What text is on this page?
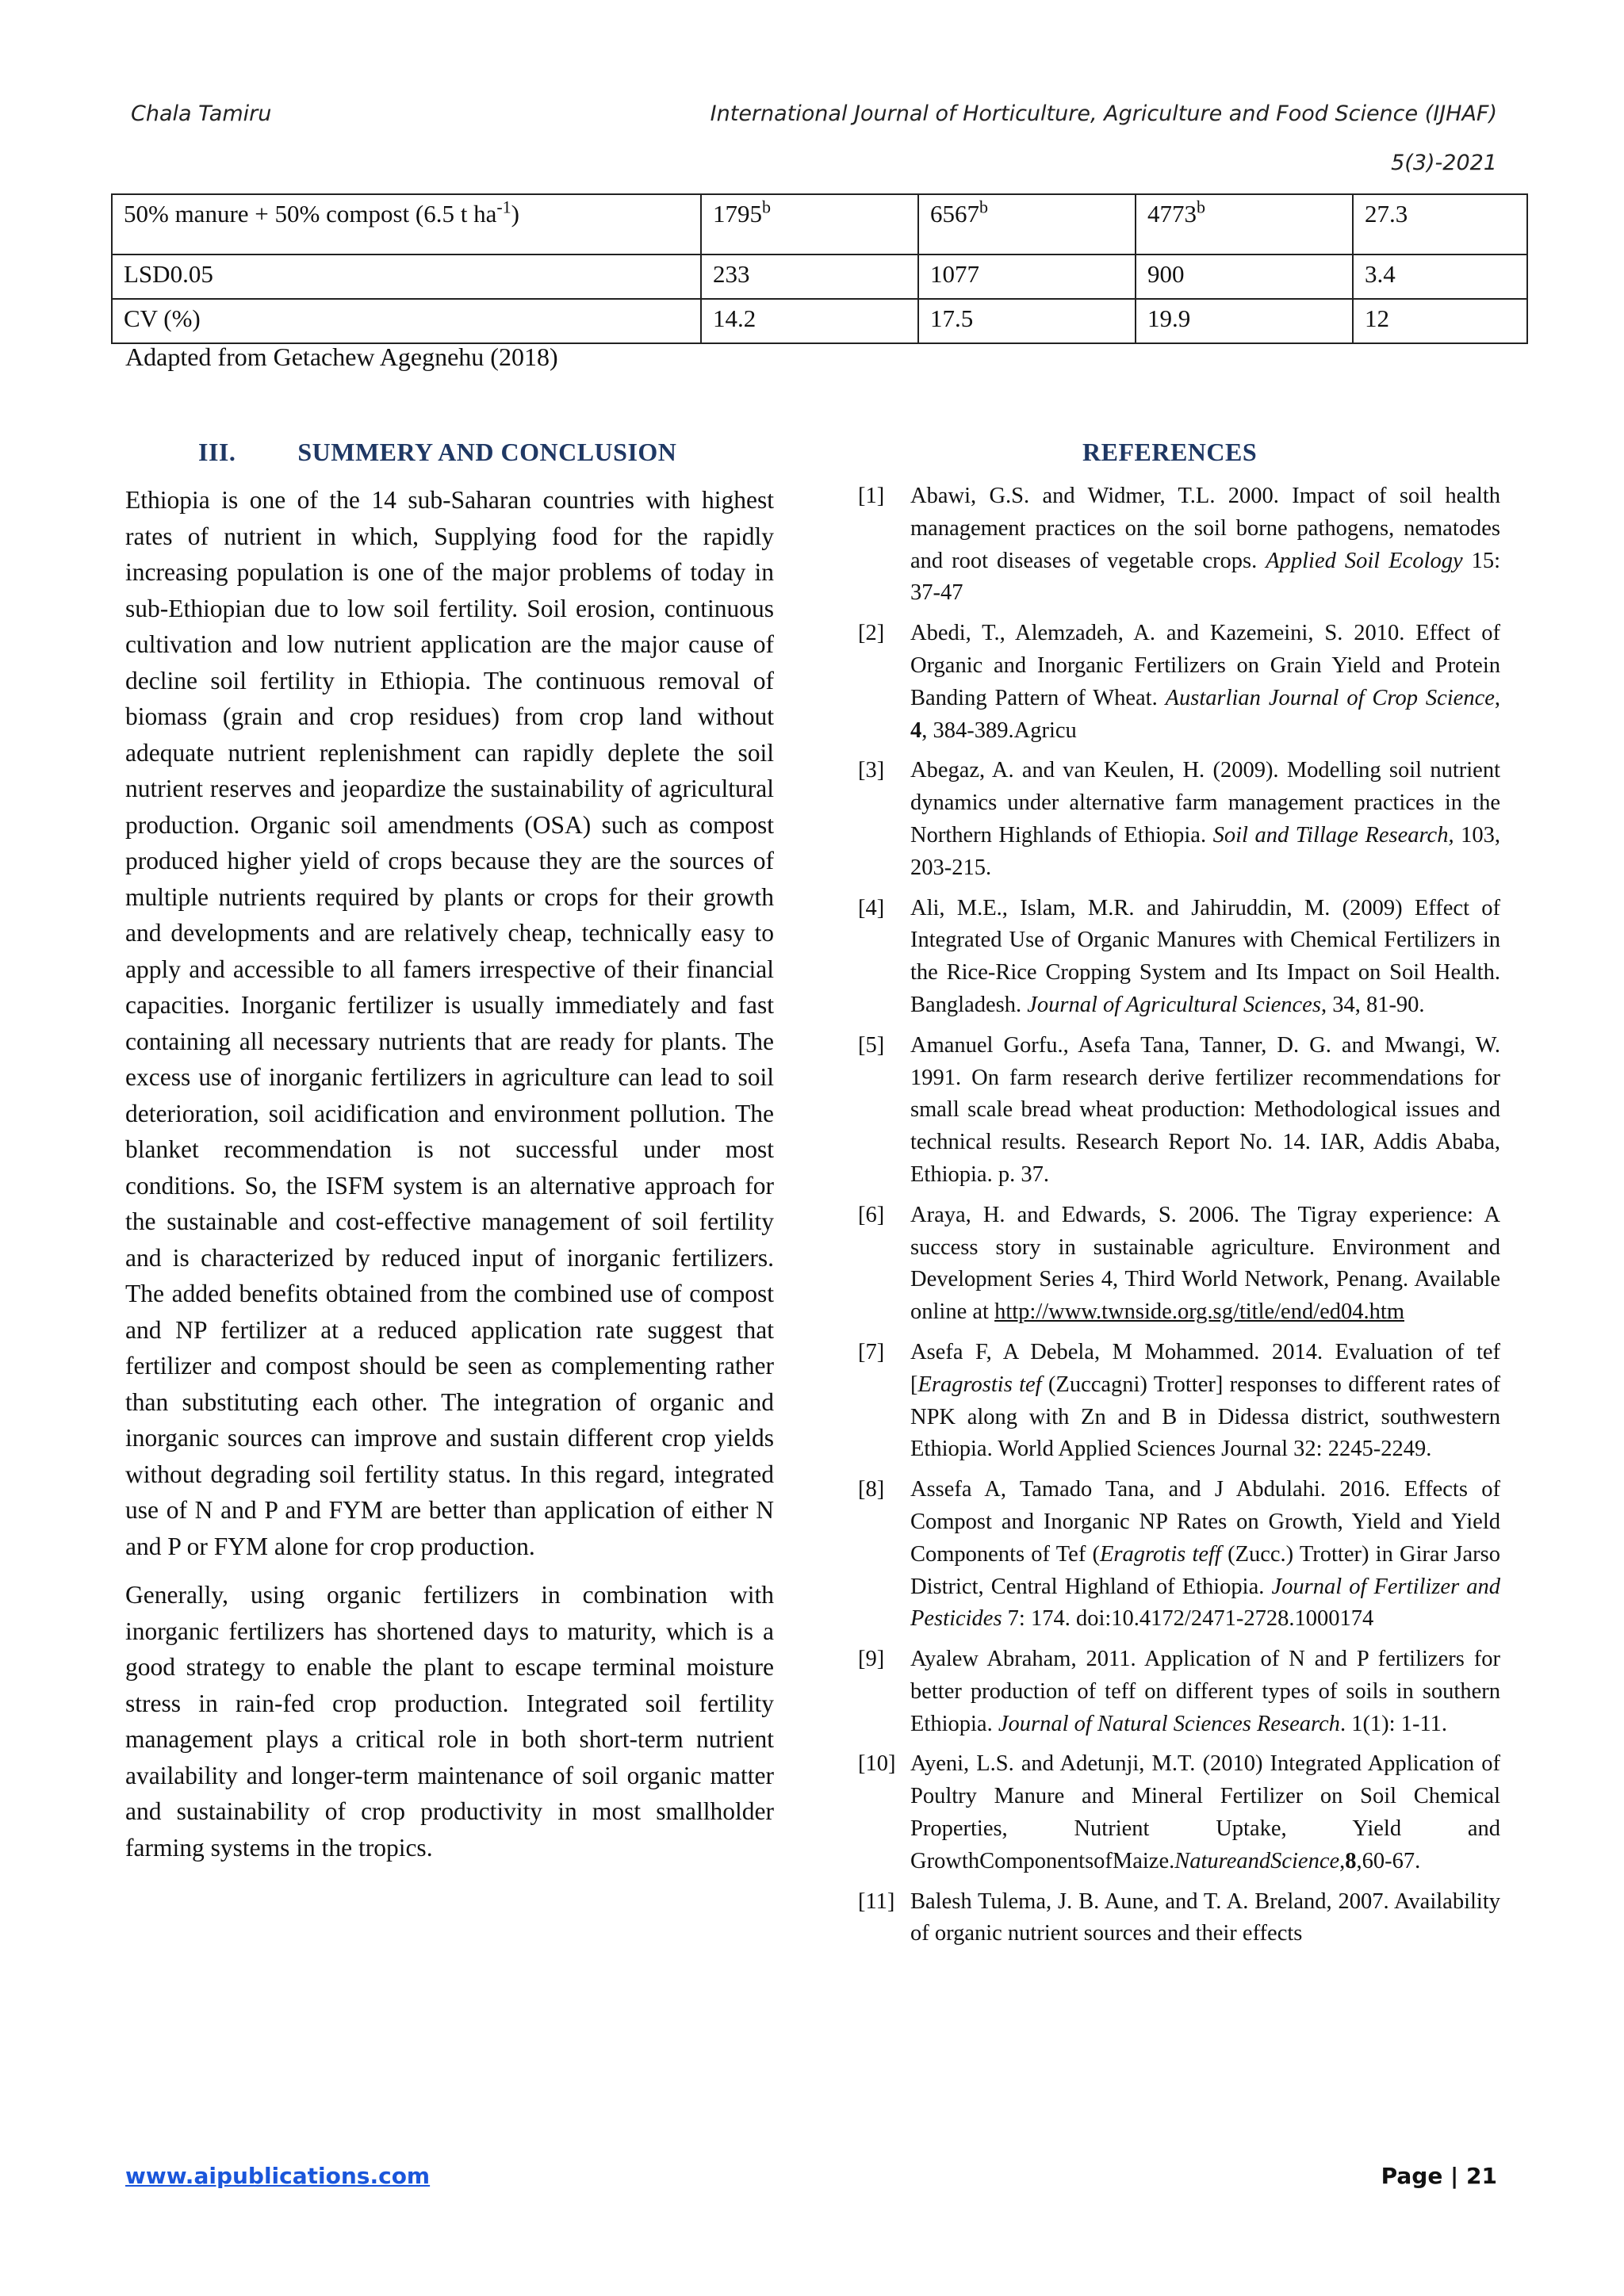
Chala Tamiru	International Journal of Horticulture, Agriculture and Food Science (IJHAF)
5(3)-2021
50% manure + 50% compost (6.5 t $ha^{-1}$)	1795$^b$	6567$^b$	4773$^b$	27.3
LSD0.05	233	1077	900	3.4
CV (%)	14.2	17.5	19.9	12
Adapted from Getachew Agegnehu (2018)
III. SUMMERY AND CONCLUSION	REFERENCES

Ethiopia is one of the 14 sub-Saharan countries with highest rates of nutrient in which, Supplying food for the rapidly increasing population is one of the major problems of today in sub-Ethiopian due to low soil fertility. Soil erosion, continuous cultivation and low nutrient application are the major cause of decline soil fertility in Ethiopia. The continuous removal of biomass (grain and crop residues) from crop land without adequate nutrient replenishment can rapidly deplete the soil nutrient reserves and jeopardize the sustainability of agricultural production. Organic soil amendments (OSA) such as compost produced higher yield of crops because they are the sources of multiple nutrients required by plants or crops for their growth and developments and are relatively cheap, technically easy to apply and accessible to all famers irrespective of their financial capacities. Inorganic fertilizer is usually immediately and fast containing all necessary nutrients that are ready for plants. The excess use of inorganic fertilizers in agriculture can lead to soil deterioration, soil acidification and environment pollution. The blanket recommendation is not successful under most conditions. So, the ISFM system is an alternative approach for the sustainable and cost-effective management of soil fertility and is characterized by reduced input of inorganic fertilizers. The added benefits obtained from the combined use of compost and NP fertilizer at a reduced application rate suggest that fertilizer and compost should be seen as complementing rather than substituting each other. The integration of organic and inorganic sources can improve and sustain different crop yields without degrading soil fertility status. In this regard, integrated use of N and P and FYM are better than application of either N and P or FYM alone for crop production.

Generally, using organic fertilizers in combination with inorganic fertilizers has shortened days to maturity, which is a good strategy to enable the plant to escape terminal moisture stress in rain-fed crop production. Integrated soil fertility management plays a critical role in both short-term nutrient availability and longer-term maintenance of soil organic matter and sustainability of crop productivity in most smallholder farming systems in the tropics.

[1] Abawi, G.S. and Widmer, T.L. 2000. Impact of soil health management practices on the soil borne pathogens, nematodes and root diseases of vegetable crops. Applied Soil Ecology 15: 37-47
[2] Abedi, T., Alemzadeh, A. and Kazemeini, S. 2010. Effect of Organic and Inorganic Fertilizers on Grain Yield and Protein Banding Pattern of Wheat. Austarlian Journal of Crop Science, 4, 384-389.Agricu
[3] Abegaz, A. and van Keulen, H. (2009). Modelling soil nutrient dynamics under alternative farm management practices in the Northern Highlands of Ethiopia. Soil and Tillage Research, 103, 203-215.
[4] Ali, M.E., Islam, M.R. and Jahiruddin, M. (2009) Effect of Integrated Use of Organic Manures with Chemical Fertilizers in the Rice-Rice Cropping System and Its Impact on Soil Health. Bangladesh. Journal of Agricultural Sciences, 34, 81-90.
[5] Amanuel Gorfu., Asefa Tana, Tanner, D. G. and Mwangi, W. 1991. On farm research derive fertilizer recommendations for small scale bread wheat production: Methodological issues and technical results. Research Report No. 14. IAR, Addis Ababa, Ethiopia. p. 37.
[6] Araya, H. and Edwards, S. 2006. The Tigray experience: A success story in sustainable agriculture. Environment and Development Series 4, Third World Network, Penang. Available online at http://www.twnside.org.sg/title/end/ed04.htm
[7] Asefa F, A Debela, M Mohammed. 2014. Evaluation of tef [Eragrostis tef (Zuccagni) Trotter] responses to different rates of NPK along with Zn and B in Didessa district, southwestern Ethiopia. World Applied Sciences Journal 32: 2245-2249.
[8] Assefa A, Tamado Tana, and J Abdulahi. 2016. Effects of Compost and Inorganic NP Rates on Growth, Yield and Yield Components of Tef (Eragrotis teff (Zucc.) Trotter) in Girar Jarso District, Central Highland of Ethiopia. Journal of Fertilizer and Pesticides 7: 174. doi:10.4172/2471-2728.1000174
[9] Ayalew Abraham, 2011. Application of N and P fertilizers for better production of teff on different types of soils in southern Ethiopia. Journal of Natural Sciences Research. 1(1): 1-11.
[10] Ayeni, L.S. and Adetunji, M.T. (2010) Integrated Application of Poultry Manure and Mineral Fertilizer on Soil Chemical Properties, Nutrient Uptake, Yield and GrowthComponentsofMaize.NatureandScience,8,60-67.
[11] Balesh Tulema, J. B. Aune, and T. A. Breland, 2007. Availability of organic nutrient sources and their effects
www.aipublications.com	Page | 21
